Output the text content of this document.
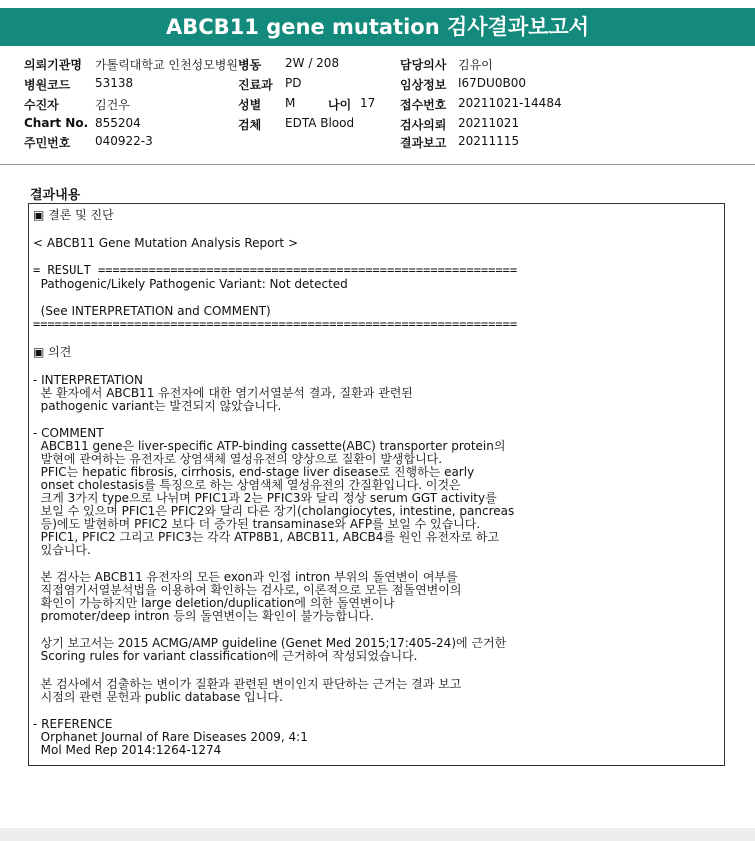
ABCB11 gene mutation 검사결과보고서
의뢰기관명 가톨릭대학교 인천성모병원 병동 2W / 208	담당의사 김유이
병원코드 53138	진료과 PD	임상정보 I67DU0B00
수진자	김건우	성별 M	나이 17 접수번호 20211021-14484
Chart No. 855204	검체 EDTA Blood	검사의뢰 20211021
주민번호 040922-3	결과보고 20211115
결과내용
▣ 결론 및 진단
< ABCB11 Gene Mutation Analysis Report >
= RESULT ==========================================================
Pathogenic/Likely Pathogenic Variant: Not detected
(See INTERPRETATION and COMMENT)
===================================================================
▣ 의견
- INTERPRETATION
본 환자에서 ABCB11 유전자에 대한 염기서열분석 결과, 질환과 관련된
pathogenic variant는 발견되지 않았습니다.
- COMMENT
ABCB11 gene은 liver-specific ATP-binding cassette(ABC) transporter protein의
발현에 관여하는 유전자로 상염색체 열성유전의 양상으로 질환이 발생합니다.
PFIC는 hepatic fibrosis, cirrhosis, end-stage liver disease로 진행하는 early
onset cholestasis를 특징으로 하는 상염색체 열성유전의 간질환입니다. 이것은
크게 3가지 type으로 나뉘며 PFIC1과 2는 PFIC3와 달리 정상 serum GGT activity를
보일 수 있으며 PFIC1은 PFIC2와 달리 다른 장기(cholangiocytes, intestine, pancreas
등)에도 발현하며 PFIC2 보다 더 증가된 transaminase와 AFP를 보일 수 있습니다.
PFIC1, PFIC2 그리고 PFIC3는 각각 ATP8B1, ABCB11, ABCB4를 원인 유전자로 하고
있습니다.
본 검사는 ABCB11 유전자의 모든 exon과 인접 intron 부위의 돌연변이 여부를
직접염기서열분석법을 이용하여 확인하는 검사로, 이론적으로 모든 점돌연변이의
확인이 가능하지만 large deletion/duplication에 의한 돌연변이나
promoter/deep intron 등의 돌연변이는 확인이 불가능합니다.
상기 보고서는 2015 ACMG/AMP guideline (Genet Med 2015;17:405-24)에 근거한
Scoring rules for variant classification에 근거하여 작성되었습니다.
본 검사에서 검출하는 변이가 질환과 관련된 변이인지 판단하는 근거는 결과 보고
시점의 관련 문헌과 public database 입니다.
- REFERENCE
Orphanet Journal of Rare Diseases 2009, 4:1
Mol Med Rep 2014:1264-1274
